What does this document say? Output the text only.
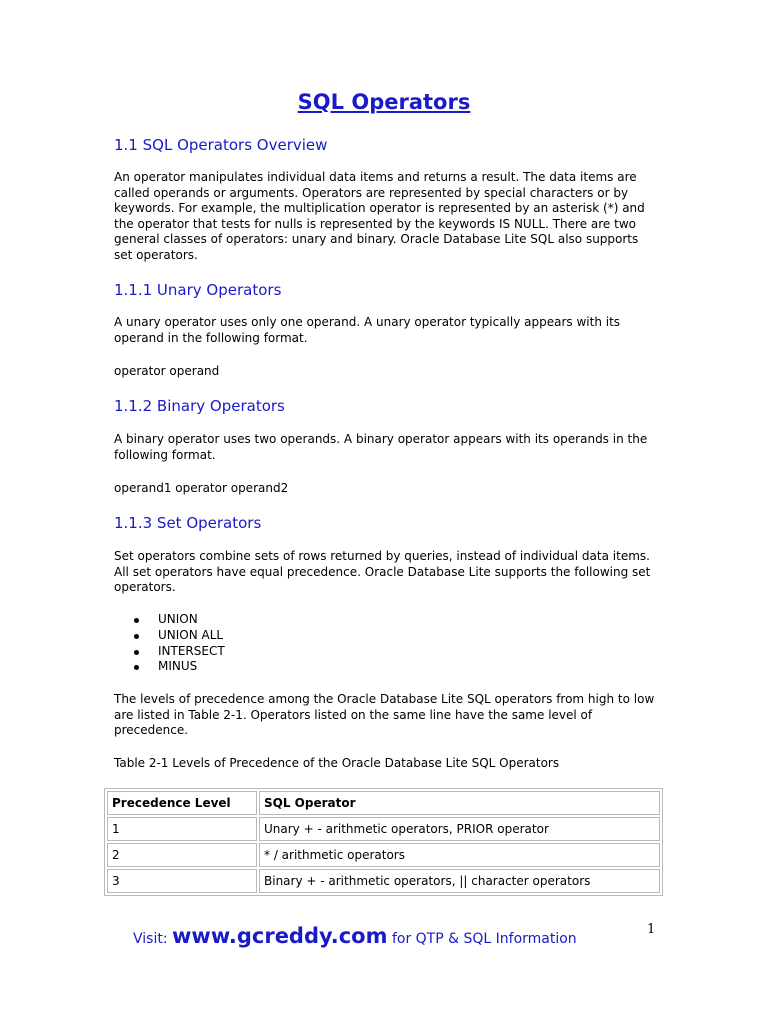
SQL Operators
1.1 SQL Operators Overview

An operator manipulates individual data items and returns a result. The data items are called operands or arguments. Operators are represented by special characters or by keywords. For example, the multiplication operator is represented by an asterisk (*) and the operator that tests for nulls is represented by the keywords IS NULL. There are two general classes of operators: unary and binary. Oracle Database Lite SQL also supports set operators.

1.1.1 Unary Operators

A unary operator uses only one operand. A unary operator typically appears with its operand in the following format.

operator operand

1.1.2 Binary Operators

A binary operator uses two operands. A binary operator appears with its operands in the following format.

operand1 operator operand2

1.1.3 Set Operators

Set operators combine sets of rows returned by queries, instead of individual data items. All set operators have equal precedence. Oracle Database Lite supports the following set operators.

UNION
UNION ALL
INTERSECT
MINUS

The levels of precedence among the Oracle Database Lite SQL operators from high to low are listed in Table 2-1. Operators listed on the same line have the same level of precedence.

Table 2-1 Levels of Precedence of the Oracle Database Lite SQL Operators

Precedence Level	SQL Operator
1	Unary + - arithmetic operators, PRIOR operator
2	* / arithmetic operators
3	Binary + - arithmetic operators, || character operators
Visit: www.gcreddy.com for QTP & SQL Information
1
